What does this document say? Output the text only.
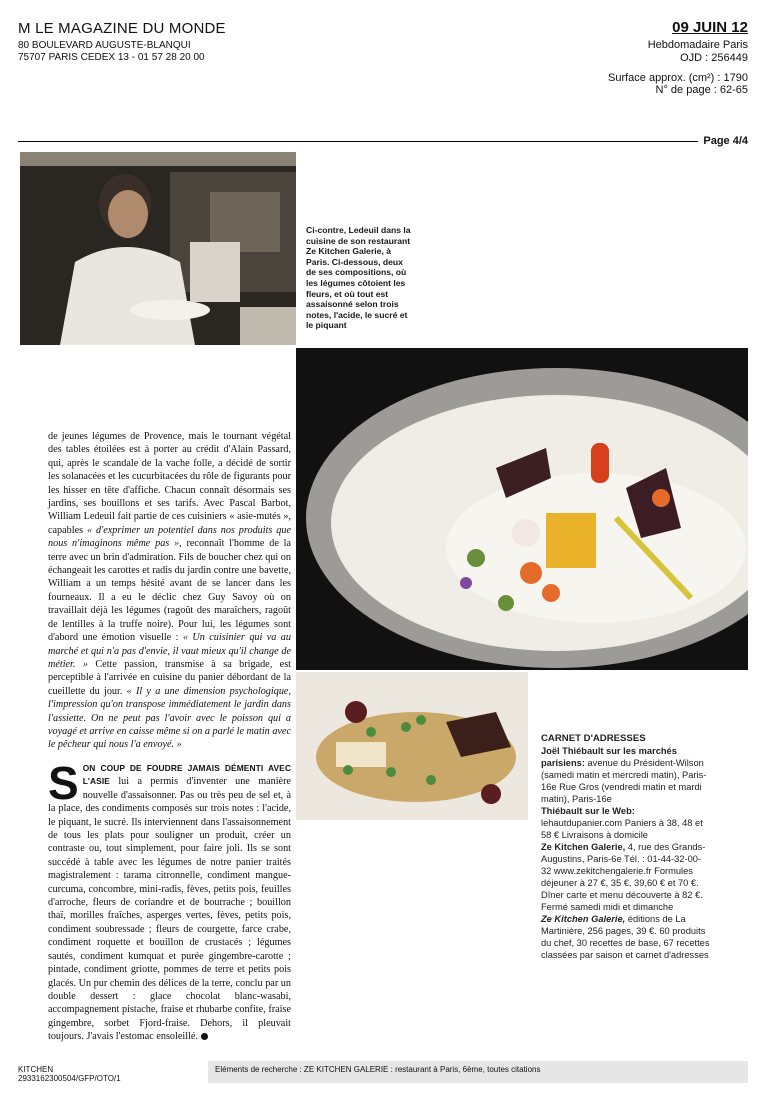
M LE MAGAZINE DU MONDE
80 BOULEVARD AUGUSTE-BLANQUI
75707 PARIS CEDEX 13 - 01 57 28 20 00
09 JUIN 12
Hebdomadaire Paris
OJD : 256449
Surface approx. (cm²) : 1790
N° de page : 62-65
Page 4/4
Ci-contre, Ledeuil dans la cuisine de son restaurant Ze Kitchen Galerie, à Paris. Ci-dessous, deux de ses compositions, où les légumes côtoient les fleurs, et où tout est assaisonné selon trois notes, l'acide, le sucré et le piquant

de jeunes légumes de Provence, mais le tournant végétal des tables étoilées est à porter au crédit d'Alain Passard, qui, après le scandale de la vache folle, a décidé de sortir les solanacées et les cucurbitacées du rôle de figurants pour les hisser en tête d'affiche. Chacun connaît désormais ses jardins, ses bouillons et ses tarifs. Avec Pascal Barbot, William Ledeuil fait partie de ces cuisiniers « asie-mutés », capables « d'exprimer un potentiel dans nos produits que nous n'imaginons même pas », reconnaît l'homme de la terre avec un brin d'admiration. Fils de boucher chez qui on échangeait les carottes et radis du jardin contre une bavette, William a un temps hésité avant de se lancer dans les fourneaux. Il a eu le déclic chez Guy Savoy où on travaillait déjà les légumes (ragoût des maraîchers, ragoût de lentilles à la truffe noire). Pour lui, les légumes sont d'abord une émotion visuelle : « Un cuisinier qui va au marché et qui n'a pas d'envie, il vaut mieux qu'il change de métier. » Cette passion, transmise à sa brigade, est perceptible à l'arrivée en cuisine du panier débordant de la cueillette du jour. « Il y a une dimension psychologique, l'impression qu'on transpose immédiatement le jardin dans l'assiette. On ne peut pas l'avoir avec le poisson qui a voyagé et arrive en caisse même si on a parlé le matin avec le pêcheur qui nous l'a envoyé. »

SON COUP DE FOUDRE JAMAIS DÉMENTI AVEC L'ASIE lui a permis d'inventer une manière nouvelle d'assaisonner. Pas ou très peu de sel et, à la place, des condiments composés sur trois notes : l'acide, le piquant, le sucré. Ils interviennent dans l'assaisonnement de tous les plats pour souligner un produit, créer un contraste ou, tout simplement, pour faire joli. Ils se sont succédé à table avec les légumes de notre panier traités magistralement : tarama citronnelle, condiment mangue-curcuma, concombre, mini-radis, fèves, petits pois, feuilles d'arroche, fleurs de coriandre et de bourrache ; bouillon thaï, morilles fraîches, asperges vertes, fèves, petits pois, condiment soubressade ; fleurs de courgette, farce crabe, condiment roquette et bouillon de crustacés ; légumes sautés, condiment kumquat et purée gingembre-carotte ; pintade, condiment griotte, pommes de terre et petits pois glacés. Un pur chemin des délices de la terre, conclu par un double dessert : glace chocolat blanc-wasabi, accompagnement pistache, fraise et rhubarbe confite, fraise gingembre, sorbet Fjord-fraise. Dehors, il pleuvait toujours. J'avais l'estomac ensoleillé.

CARNET D'ADRESSES

Joël Thiébault sur les marchés parisiens: avenue du Président-Wilson (samedi matin et mercredi matin), Paris-16e Rue Gros (vendredi matin et mardi matin), Paris-16e

Thiébault sur le Web: lehautdupanier.com Paniers à 38, 48 et 58 € Livraisons à domicile

Ze Kitchen Galerie, 4, rue des Grands-Augustins, Paris-6e Tél. : 01-44-32-00-32 www.zekitchengalerie.fr Formules déjeuner à 27 €, 35 €, 39,60 € et 70 €. Dîner carte et menu découverte à 82 €. Fermé samedi midi et dimanche

Ze Kitchen Galerie, éditions de La Martinière, 256 pages, 39 €. 60 produits du chef, 30 recettes de base, 67 recettes classées par saison et carnet d'adresses

KITCHEN
2933162300504/GFP/OTO/1
Eléments de recherche : ZE KITCHEN GALERIE : restaurant à Paris, 6ème, toutes citations
